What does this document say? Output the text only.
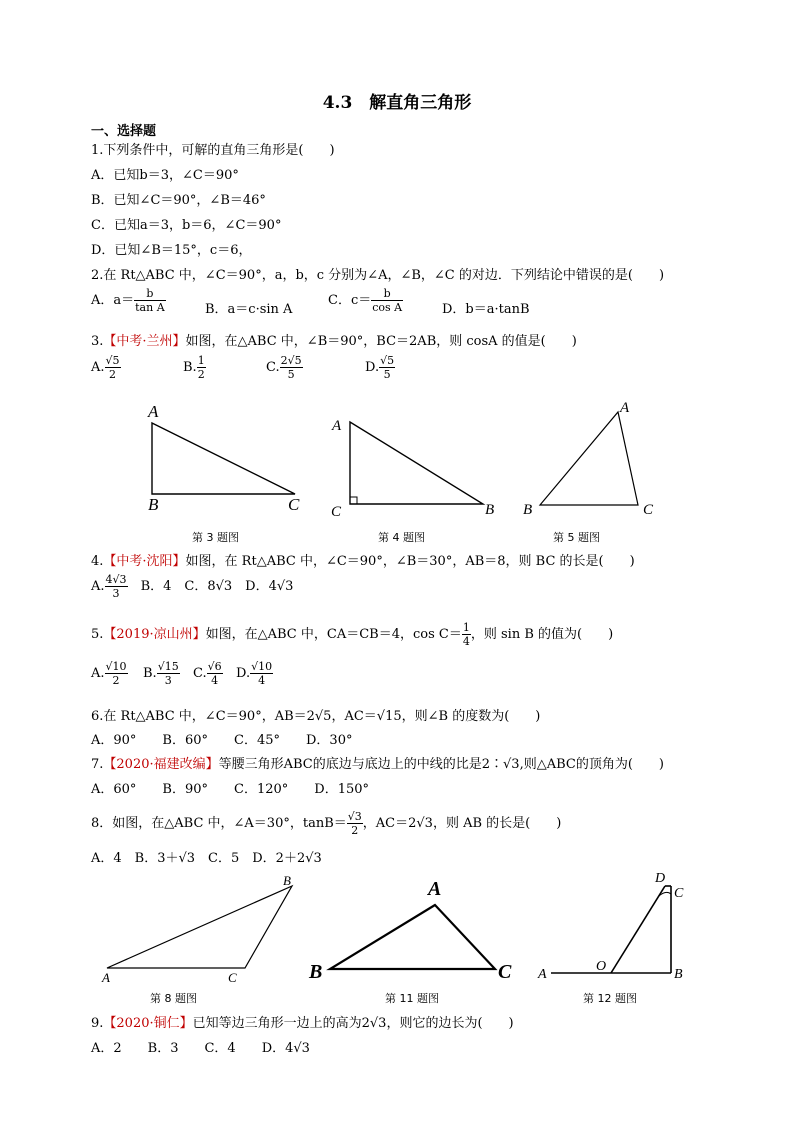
4.3　解直角三角形
一、选择题
1.下列条件中，可解的直角三角形是(　　)
A．已知b＝3，∠C＝90°
B．已知∠C＝90°，∠B＝46°
C．已知a＝3，b＝6，∠C＝90°
D．已知∠B＝15°，c＝6，
2.在 Rt△ABC 中，∠C＝90°，a，b，c 分别为∠A，∠B，∠C 的对边．下列结论中错误的是(　　)
A．$a= \frac{b}{\text{tan A}}$	B．a＝c·sin A
C．$c= \frac{b}{\text{cos A}}$	D．b＝a·tanB
3.【中考·兰州】如图，在△ABC 中，∠B＝90°，BC＝2AB，则 cosA 的值是(　　)
A. $\frac{√5}{2}$	B. $\frac{1}{2}$	C. $\frac{2√5}{5}$	D. $\frac{√5}{5}$
A
B	C
第 3 题图
A
C	B
第 4 题图
A
B	C
第 5 题图
4.【中考·沈阳】如图，在 Rt△ABC 中，∠C＝90°，∠B＝30°，AB＝8，则 BC 的长是(　　)
A. $\frac{4√3}{3}$
　 B．4　C．8√3　D．4√3
5.【2019·凉山州】如图，在△ABC 中，CA＝CB＝4，$\cos C= \frac{1}{4}$ ，则 sin B 的值为(　　)
A. $\frac{√10}{2} B$. $\frac{√15}{3} C$. $\frac{√6}{4} D$. $\frac{√10}{4}$
6.在 Rt△ABC 中，∠C＝90°，AB＝2√5，AC＝√15，则∠B 的度数为(　　)
A．90°　　B．60°　　C．45°　　D．30°
7.【2020·福建改编】等腰三角形ABC的底边与底边上的中线的比是2∶√3,则△ABC的顶角为(　　)
A．60°　　B．90°　　C．120°　　D．150°
8．如图，在△ABC 中，∠A＝30°，$\tan B= \frac{√3}{2}$ ，AC＝2√3，则 AB 的长是(　　)
A．4　B．3＋√3　C．5　D．2＋2√3
B
A	C
第 8 题图
A
B	C
第 11 题图
A
O
B
D
C
第 12 题图
9.【2020·铜仁】已知等边三角形一边上的高为2√3，则它的边长为(　　)
A．2　　B．3　　C．4　　D．4√3
